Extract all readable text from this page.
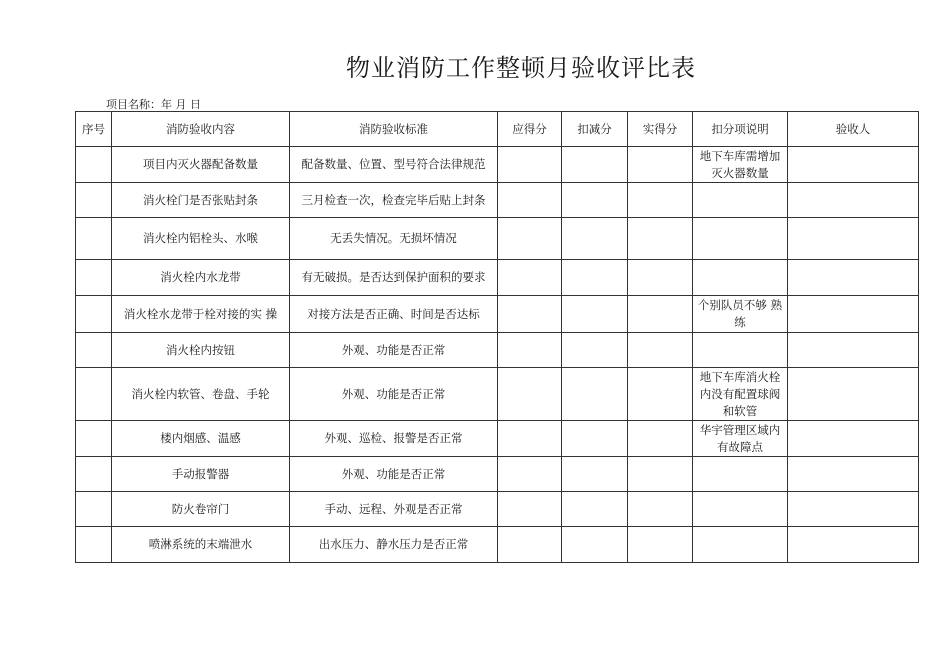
物业消防工作整顿月验收评比表
项目名称：年 月 日
序号	消防验收内容	消防验收标准	应得分	扣减分	实得分	扣分项说明	验收人
	项目内灭火器配备数量	配备数量、位置、型号符合法律规范				地下车库需增加灭火器数量	
	消火栓门是否张贴封条	三月检查一次，检查完毕后贴上封条					
	消火栓内铝栓头、水喉	无丢失情况。无损坏情况					
	消火栓内水龙带	有无破损。是否达到保护面积的要求					
	消火栓水龙带于栓对接的实 操	对接方法是否正确、时间是否达标				个别队员不够 熟练	
	消火栓内按钮	外观、功能是否正常					
	消火栓内软管、卷盘、手轮	外观、功能是否正常				地下车库消火栓内没有配置球阀和软管	
	楼内烟感、温感	外观、巡检、报警是否正常				华宇管理区域内有故障点	
	手动报警器	外观、功能是否正常					
	防火卷帘门	手动、远程、外观是否正常					
	喷淋系统的末端泄水	出水压力、静水压力是否正常					
